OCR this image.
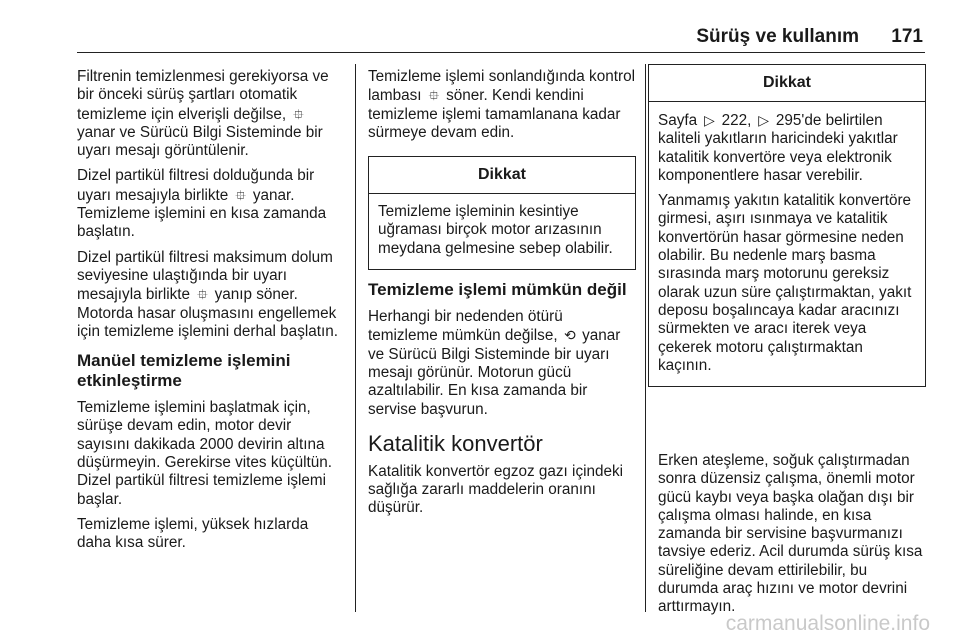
Sürüş ve kullanım 171

Filtrenin temizlenmesi gerekiyorsa ve bir önceki sürüş şartları otomatik temizleme için elverişli değilse, ⯐ yanar ve Sürücü Bilgi Sisteminde bir uyarı mesajı görüntülenir.

Dizel partikül filtresi dolduğunda bir uyarı mesajıyla birlikte ⯐ yanar. Temizleme işlemini en kısa zamanda başlatın.

Dizel partikül filtresi maksimum dolum seviyesine ulaştığında bir uyarı mesajıyla birlikte ⯐ yanıp söner. Motorda hasar oluşmasını engellemek için temizleme işlemini derhal başlatın.

Manüel temizleme işlemini etkinleştirme

Temizleme işlemini başlatmak için, sürüşe devam edin, motor devir sayısını dakikada 2000 devirin altına düşürmeyin. Gerekirse vites küçültün. Dizel partikül filtresi temizleme işlemi başlar.

Temizleme işlemi, yüksek hızlarda daha kısa sürer.

Temizleme işlemi sonlandığında kontrol lambası ⯐ söner. Kendi kendini temizleme işlemi tamamlanana kadar sürmeye devam edin.

Dikkat

Temizleme işleminin kesintiye uğraması birçok motor arızasının meydana gelmesine sebep olabilir.

Temizleme işlemi mümkün değil

Herhangi bir nedenden ötürü temizleme mümkün değilse, ⟲ yanar ve Sürücü Bilgi Sisteminde bir uyarı mesajı görünür. Motorun gücü azaltılabilir. En kısa zamanda bir servise başvurun.

Katalitik konvertör

Katalitik konvertör egzoz gazı içindeki sağlığa zararlı maddelerin oranını düşürür.

Dikkat

Sayfa ▷ 222, ▷ 295'de belirtilen kaliteli yakıtların haricindeki yakıtlar katalitik konvertöre veya elektronik komponentlere hasar verebilir.

Yanmamış yakıtın katalitik konvertöre girmesi, aşırı ısınmaya ve katalitik konvertörün hasar görmesine neden olabilir. Bu nedenle marş basma sırasında marş motorunu gereksiz olarak uzun süre çalıştırmaktan, yakıt deposu boşalıncaya kadar aracınızı sürmekten ve aracı iterek veya çekerek motoru çalıştırmaktan kaçının.

Erken ateşleme, soğuk çalıştırmadan sonra düzensiz çalışma, önemli motor gücü kaybı veya başka olağan dışı bir çalışma olması halinde, en kısa zamanda bir servisine başvurmanızı tavsiye ederiz. Acil durumda sürüş kısa süreliğine devam ettirilebilir, bu durumda araç hızını ve motor devrini arttırmayın.

carmanualsonline.info
